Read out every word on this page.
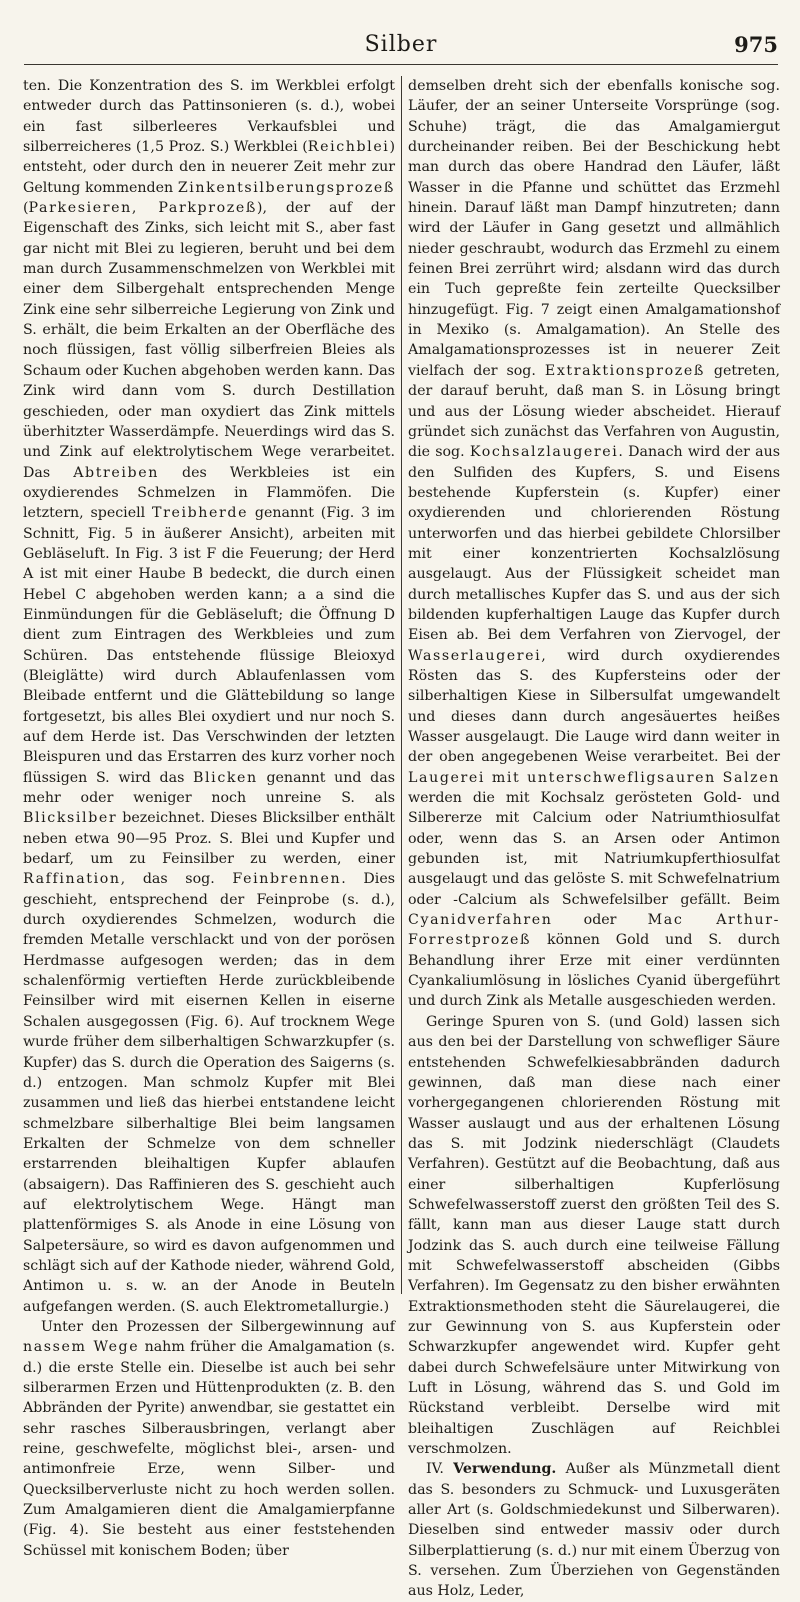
Silber	975

ten. Die Konzentration des S. im Werkblei erfolgt entweder durch das Pattinsonieren (s. d.), wobei ein fast silberleeres Verkaufsblei und silberreicheres (1,5 Proz. S.) Werkblei (Reichblei) entsteht, oder durch den in neuerer Zeit mehr zur Geltung kommenden Zinkentsilberungsprozeß (Parkesieren, Parkprozeß), der auf der Eigenschaft des Zinks, sich leicht mit S., aber fast gar nicht mit Blei zu legieren, beruht und bei dem man durch Zusammenschmelzen von Werkblei mit einer dem Silbergehalt entsprechenden Menge Zink eine sehr silberreiche Legierung von Zink und S. erhält, die beim Erkalten an der Oberfläche des noch flüssigen, fast völlig silberfreien Bleies als Schaum oder Kuchen abgehoben werden kann. Das Zink wird dann vom S. durch Destillation geschieden, oder man oxydiert das Zink mittels überhitzter Wasserdämpfe. Neuerdings wird das S. und Zink auf elektrolytischem Wege verarbeitet. Das Abtreiben des Werkbleies ist ein oxydierendes Schmelzen in Flammöfen. Die letztern, speciell Treibherde genannt (Fig. 3 im Schnitt, Fig. 5 in äußerer Ansicht), arbeiten mit Gebläseluft. In Fig. 3 ist F die Feuerung; der Herd A ist mit einer Haube B bedeckt, die durch einen Hebel C abgehoben werden kann; a a sind die Einmündungen für die Gebläseluft; die Öffnung D dient zum Eintragen des Werkbleies und zum Schüren. Das entstehende flüssige Bleioxyd (Bleiglätte) wird durch Ablaufenlassen vom Bleibade entfernt und die Glättebildung so lange fortgesetzt, bis alles Blei oxydiert und nur noch S. auf dem Herde ist. Das Verschwinden der letzten Bleispuren und das Erstarren des kurz vorher noch flüssigen S. wird das Blicken genannt und das mehr oder weniger noch unreine S. als Blicksilber bezeichnet. Dieses Blicksilber enthält neben etwa 90—95 Proz. S. Blei und Kupfer und bedarf, um zu Feinsilber zu werden, einer Raffination, das sog. Feinbrennen. Dies geschieht, entsprechend der Feinprobe (s. d.), durch oxydierendes Schmelzen, wodurch die fremden Metalle verschlackt und von der porösen Herdmasse aufgesogen werden; das in dem schalenförmig vertieften Herde zurückbleibende Feinsilber wird mit eisernen Kellen in eiserne Schalen ausgegossen (Fig. 6). Auf trocknem Wege wurde früher dem silberhaltigen Schwarzkupfer (s. Kupfer) das S. durch die Operation des Saigerns (s. d.) entzogen. Man schmolz Kupfer mit Blei zusammen und ließ das hierbei entstandene leicht schmelzbare silberhaltige Blei beim langsamen Erkalten der Schmelze von dem schneller erstarrenden bleihaltigen Kupfer ablaufen (absaigern). Das Raffinieren des S. geschieht auch auf elektrolytischem Wege. Hängt man plattenförmiges S. als Anode in eine Lösung von Salpetersäure, so wird es davon aufgenommen und schlägt sich auf der Kathode nieder, während Gold, Antimon u. s. w. an der Anode in Beuteln aufgefangen werden. (S. auch Elektrometallurgie.)

Unter den Prozessen der Silbergewinnung auf nassem Wege nahm früher die Amalgamation (s. d.) die erste Stelle ein. Dieselbe ist auch bei sehr silberarmen Erzen und Hüttenprodukten (z. B. den Abbränden der Pyrite) anwendbar, sie gestattet ein sehr rasches Silberausbringen, verlangt aber reine, geschwefelte, möglichst blei-, arsen- und antimonfreie Erze, wenn Silber- und Quecksilberverluste nicht zu hoch werden sollen. Zum Amalgamieren dient die Amalgamierpfanne (Fig. 4). Sie besteht aus einer feststehenden Schüssel mit konischem Boden; über

demselben dreht sich der ebenfalls konische sog. Läufer, der an seiner Unterseite Vorsprünge (sog. Schuhe) trägt, die das Amalgamiergut durcheinander reiben. Bei der Beschickung hebt man durch das obere Handrad den Läufer, läßt Wasser in die Pfanne und schüttet das Erzmehl hinein. Darauf läßt man Dampf hinzutreten; dann wird der Läufer in Gang gesetzt und allmählich nieder geschraubt, wodurch das Erzmehl zu einem feinen Brei zerrührt wird; alsdann wird das durch ein Tuch gepreßte fein zerteilte Quecksilber hinzugefügt. Fig. 7 zeigt einen Amalgamationshof in Mexiko (s. Amalgamation). An Stelle des Amalgamationsprozesses ist in neuerer Zeit vielfach der sog. Extraktionsprozeß getreten, der darauf beruht, daß man S. in Lösung bringt und aus der Lösung wieder abscheidet. Hierauf gründet sich zunächst das Verfahren von Augustin, die sog. Kochsalzlaugerei. Danach wird der aus den Sulfiden des Kupfers, S. und Eisens bestehende Kupferstein (s. Kupfer) einer oxydierenden und chlorierenden Röstung unterworfen und das hierbei gebildete Chlorsilber mit einer konzentrierten Kochsalzlösung ausgelaugt. Aus der Flüssigkeit scheidet man durch metallisches Kupfer das S. und aus der sich bildenden kupferhaltigen Lauge das Kupfer durch Eisen ab. Bei dem Verfahren von Ziervogel, der Wasserlaugerei, wird durch oxydierendes Rösten das S. des Kupfersteins oder der silberhaltigen Kiese in Silbersulfat umgewandelt und dieses dann durch angesäuertes heißes Wasser ausgelaugt. Die Lauge wird dann weiter in der oben angegebenen Weise verarbeitet. Bei der Laugerei mit unterschwefligsauren Salzen werden die mit Kochsalz gerösteten Gold- und Silbererze mit Calcium oder Natriumthiosulfat oder, wenn das S. an Arsen oder Antimon gebunden ist, mit Natriumkupferthiosulfat ausgelaugt und das gelöste S. mit Schwefelnatrium oder -Calcium als Schwefelsilber gefällt. Beim Cyanidverfahren oder Mac Arthur-Forrestprozeß können Gold und S. durch Behandlung ihrer Erze mit einer verdünnten Cyankaliumlösung in lösliches Cyanid übergeführt und durch Zink als Metalle ausgeschieden werden.

Geringe Spuren von S. (und Gold) lassen sich aus den bei der Darstellung von schwefliger Säure entstehenden Schwefelkiesabbränden dadurch gewinnen, daß man diese nach einer vorhergegangenen chlorierenden Röstung mit Wasser auslaugt und aus der erhaltenen Lösung das S. mit Jodzink niederschlägt (Claudets Verfahren). Gestützt auf die Beobachtung, daß aus einer silberhaltigen Kupferlösung Schwefelwasserstoff zuerst den größten Teil des S. fällt, kann man aus dieser Lauge statt durch Jodzink das S. auch durch eine teilweise Fällung mit Schwefelwasserstoff abscheiden (Gibbs Verfahren). Im Gegensatz zu den bisher erwähnten Extraktionsmethoden steht die Säurelaugerei, die zur Gewinnung von S. aus Kupferstein oder Schwarzkupfer angewendet wird. Kupfer geht dabei durch Schwefelsäure unter Mitwirkung von Luft in Lösung, während das S. und Gold im Rückstand verbleibt. Derselbe wird mit bleihaltigen Zuschlägen auf Reichblei verschmolzen.

IV. Verwendung. Außer als Münzmetall dient das S. besonders zu Schmuck- und Luxusgeräten aller Art (s. Goldschmiedekunst und Silberwaren). Dieselben sind entweder massiv oder durch Silberplattierung (s. d.) nur mit einem Überzug von S. versehen. Zum Überziehen von Gegenständen aus Holz, Leder,
